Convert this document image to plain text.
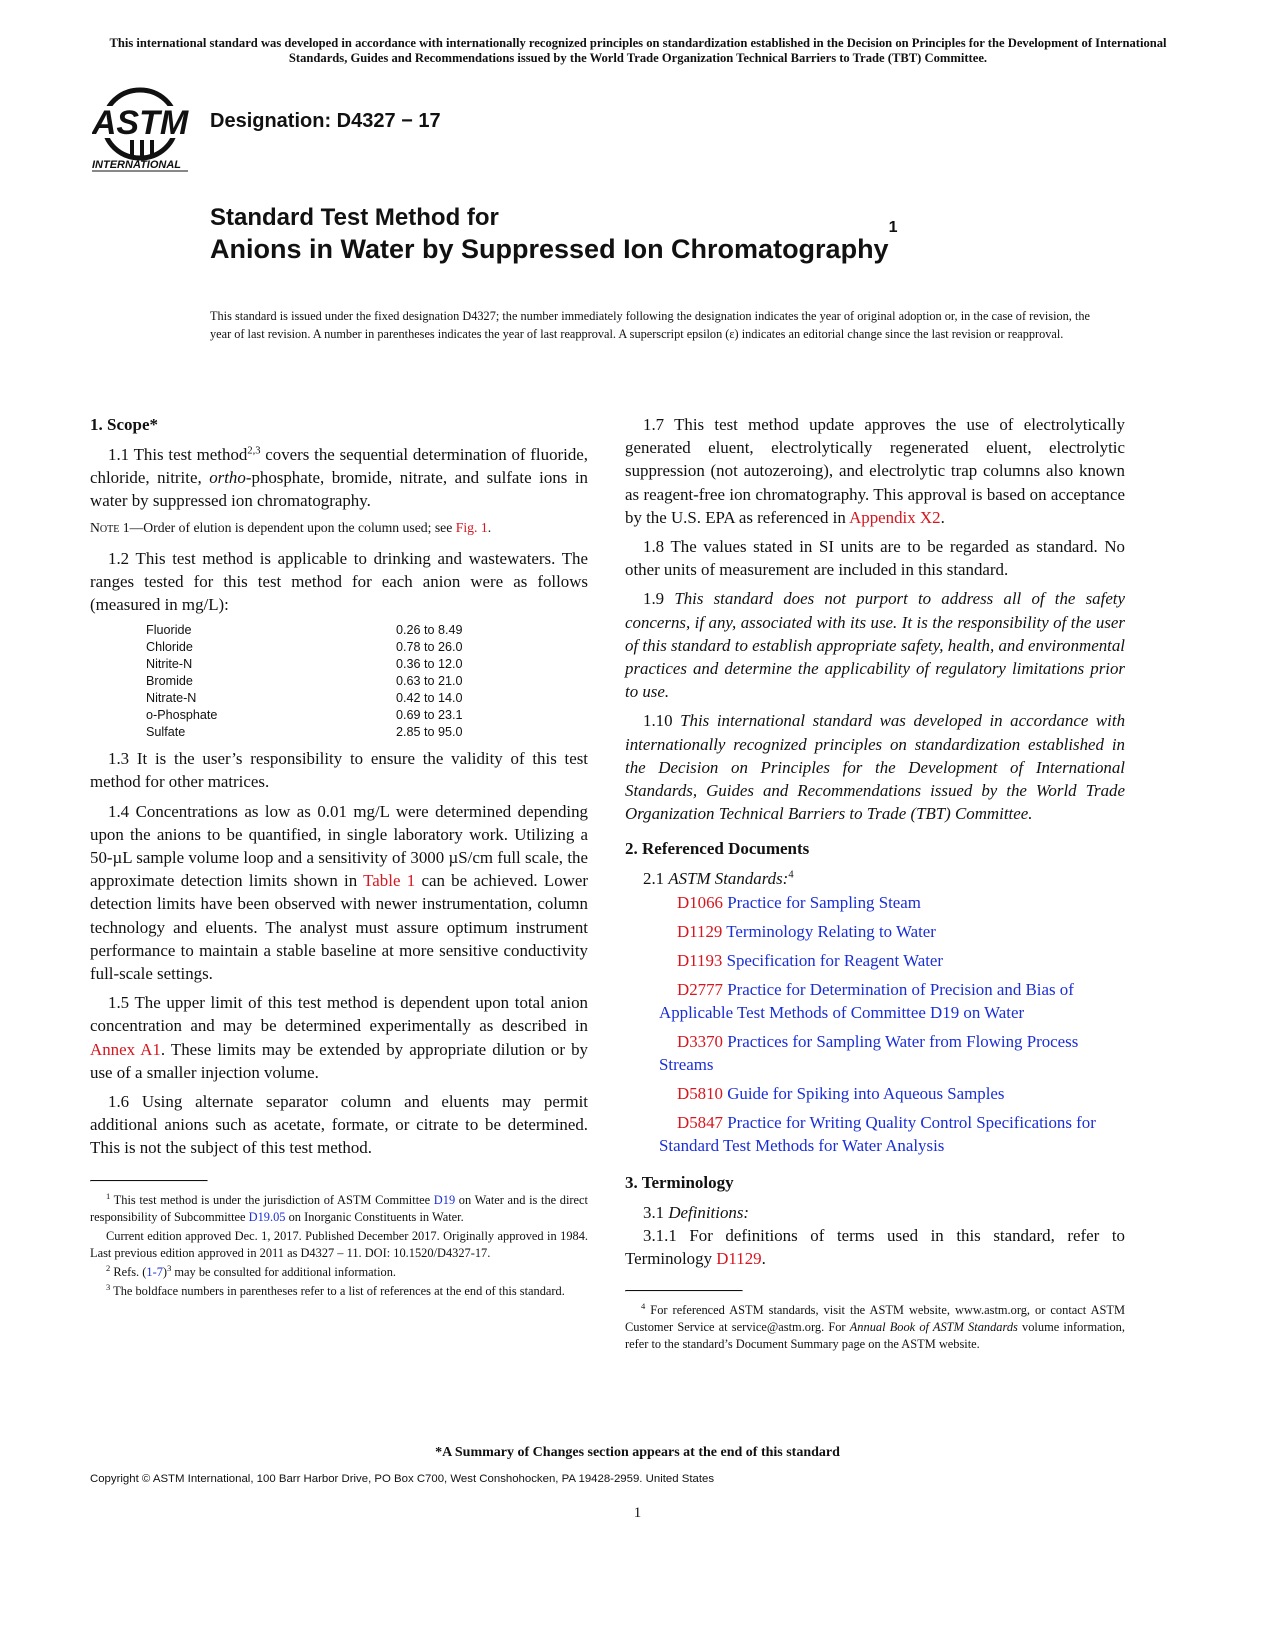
This international standard was developed in accordance with internationally recognized principles on standardization established in the Decision on Principles for the Development of International Standards, Guides and Recommendations issued by the World Trade Organization Technical Barriers to Trade (TBT) Committee.
ASTM
INTERNATIONAL
Designation: D4327 − 17
Standard Test Method for
Anions in Water by Suppressed Ion Chromatography$^1$
This standard is issued under the fixed designation D4327; the number immediately following the designation indicates the year of original adoption or, in the case of revision, the year of last revision. A number in parentheses indicates the year of last reapproval. A superscript epsilon (ε) indicates an editorial change since the last revision or reapproval.
1. Scope*

1.1 This test method$^{2,3}$ covers the sequential determination of fluoride, chloride, nitrite, ortho-phosphate, bromide, nitrate, and sulfate ions in water by suppressed ion chromatography.

Note 1—Order of elution is dependent upon the column used; see Fig. 1.

1.2 This test method is applicable to drinking and wastewaters. The ranges tested for this test method for each anion were as follows (measured in mg/L):

Fluoride	0.26 to 8.49
Chloride	0.78 to 26.0
Nitrite-N	0.36 to 12.0
Bromide	0.63 to 21.0
Nitrate-N	0.42 to 14.0
o-Phosphate	0.69 to 23.1
Sulfate	2.85 to 95.0

1.3 It is the user’s responsibility to ensure the validity of this test method for other matrices.

1.4 Concentrations as low as 0.01 mg/L were determined depending upon the anions to be quantified, in single laboratory work. Utilizing a 50-µL sample volume loop and a sensitivity of 3000 µS/cm full scale, the approximate detection limits shown in Table 1 can be achieved. Lower detection limits have been observed with newer instrumentation, column technology and eluents. The analyst must assure optimum instrument performance to maintain a stable baseline at more sensitive conductivity full-scale settings.

1.5 The upper limit of this test method is dependent upon total anion concentration and may be determined experimentally as described in Annex A1. These limits may be extended by appropriate dilution or by use of a smaller injection volume.

1.6 Using alternate separator column and eluents may permit additional anions such as acetate, formate, or citrate to be determined. This is not the subject of this test method.

$^1$ This test method is under the jurisdiction of ASTM Committee D19 on Water and is the direct responsibility of Subcommittee D19.05 on Inorganic Constituents in Water.

Current edition approved Dec. 1, 2017. Published December 2017. Originally approved in 1984. Last previous edition approved in 2011 as D4327 – 11. DOI: 10.1520/D4327-17.

$^2$ Refs. $(1-7)^3$ may be consulted for additional information.

$^3$ The boldface numbers in parentheses refer to a list of references at the end of this standard.

1.7 This test method update approves the use of electrolytically generated eluent, electrolytically regenerated eluent, electrolytic suppression (not autozeroing), and electrolytic trap columns also known as reagent-free ion chromatography. This approval is based on acceptance by the U.S. EPA as referenced in Appendix X2.

1.8 The values stated in SI units are to be regarded as standard. No other units of measurement are included in this standard.

1.9 This standard does not purport to address all of the safety concerns, if any, associated with its use. It is the responsibility of the user of this standard to establish appropriate safety, health, and environmental practices and determine the applicability of regulatory limitations prior to use.

1.10 This international standard was developed in accordance with internationally recognized principles on standardization established in the Decision on Principles for the Development of International Standards, Guides and Recommendations issued by the World Trade Organization Technical Barriers to Trade (TBT) Committee.

2. Referenced Documents

2.1 ASTM Standards:$^4$

D1066 Practice for Sampling Steam

D1129 Terminology Relating to Water

D1193 Specification for Reagent Water

D2777 Practice for Determination of Precision and Bias of Applicable Test Methods of Committee D19 on Water

D3370 Practices for Sampling Water from Flowing Process Streams

D5810 Guide for Spiking into Aqueous Samples

D5847 Practice for Writing Quality Control Specifications for Standard Test Methods for Water Analysis

3. Terminology

3.1 Definitions:

3.1.1 For definitions of terms used in this standard, refer to Terminology D1129.

$^4$ For referenced ASTM standards, visit the ASTM website, www.astm.org, or contact ASTM Customer Service at service@astm.org. For Annual Book of ASTM Standards volume information, refer to the standard’s Document Summary page on the ASTM website.

*A Summary of Changes section appears at the end of this standard
Copyright © ASTM International, 100 Barr Harbor Drive, PO Box C700, West Conshohocken, PA 19428-2959. United States
1
